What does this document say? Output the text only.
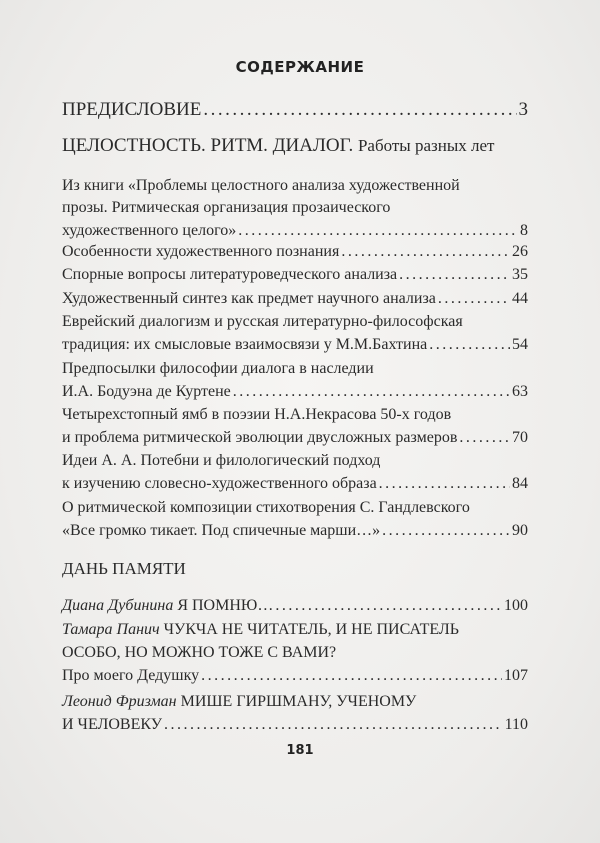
СОДЕРЖАНИЕ
ПРЕДИСЛОВИЕ .....	3
ЦЕЛОСТНОСТЬ. РИТМ. ДИАЛОГ. Работы разных лет
Из книги «Проблемы целостного анализа художественной
прозы. Ритмическая организация прозаического
художественного целого» .....	8
Особенности художественного познания .....	26
Спорные вопросы литературоведческого анализа .....	35
Художественный синтез как предмет научного анализа .....	44
Еврейский диалогизм и русская литературно-философская
традиция: их смысловые взаимосвязи у М.М.Бахтина .....	54
Предпосылки философии диалога в наследии
И.А. Бодуэна де Куртене .....	63
Четырехстопный ямб в поэзии Н.А.Некрасова 50-х годов
и проблема ритмической эволюции двусложных размеров .....	70
Идеи А. А. Потебни и филологический подход
к изучению словесно-художественного образа .....	84
О ритмической композиции стихотворения С. Гандлевского
«Все громко тикает. Под спичечные марши…» .....	90
ДАНЬ ПАМЯТИ
Диана Дубинина Я ПОМНЮ… .....	100
Тамара Панич ЧУКЧА НЕ ЧИТАТЕЛЬ, И НЕ ПИСАТЕЛЬ
ОСОБО, НО МОЖНО ТОЖЕ С ВАМИ?
Про моего Дедушку .....	107
Леонид Фризман МИШЕ ГИРШМАНУ, УЧЕНОМУ
И ЧЕЛОВЕКУ .....	110
181
